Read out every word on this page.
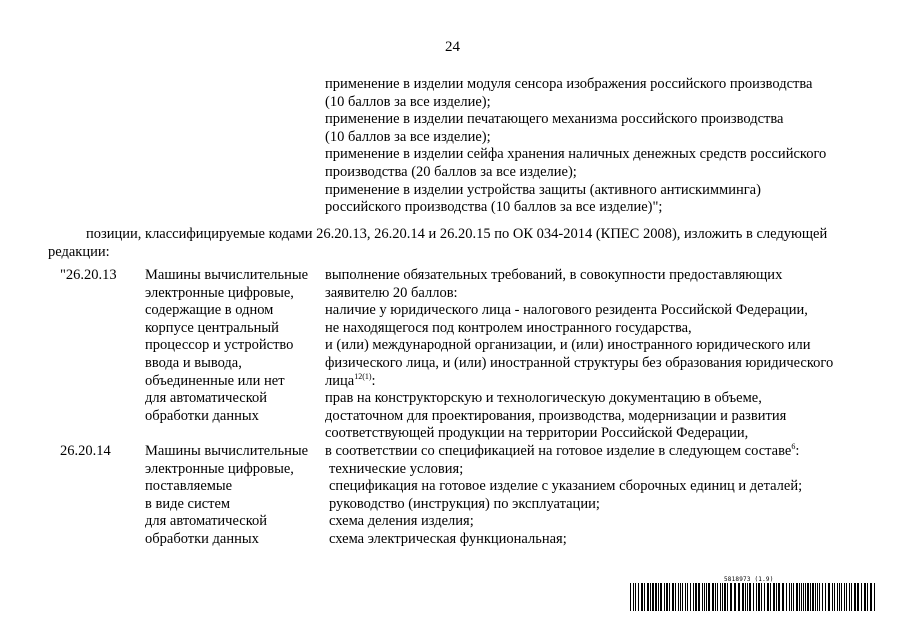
24
применение в изделии модуля сенсора изображения российского производства
(10 баллов за все изделие);
применение в изделии печатающего механизма российского производства
(10 баллов за все изделие);
применение в изделии сейфа хранения наличных денежных средств российского
производства (20 баллов за все изделие);
применение в изделии устройства защиты (активного антискимминга)
российского производства (10 баллов за все изделие)";
позиции, классифицируемые кодами 26.20.13, 26.20.14 и 26.20.15 по ОК 034-2014 (КПЕС 2008), изложить в следующей
редакции:
"26.20.13 Машины вычислительные
электронные цифровые,
содержащие в одном
корпусе центральный
процессор и устройство
ввода и вывода,
объединенные или нет
для автоматической
обработки данных
выполнение обязательных требований, в совокупности предоставляющих
заявителю 20 баллов:
наличие у юридического лица - налогового резидента Российской Федерации,
не находящегося под контролем иностранного государства,
и (или) международной организации, и (или) иностранного юридического или
физического лица, и (или) иностранной структуры без образования юридического
лица$^{12(1)}$:
прав на конструкторскую и технологическую документацию в объеме,
достаточном для проектирования, производства, модернизации и развития
соответствующей продукции на территории Российской Федерации,
26.20.14 Машины вычислительные
электронные цифровые,
поставляемые
в виде систем
для автоматической
обработки данных
в соответствии со спецификацией на готовое изделие в следующем составе$^6$:
технические условия;
спецификация на готовое изделие с указанием сборочных единиц и деталей;
руководство (инструкция) по эксплуатации;
схема деления изделия;
схема электрическая функциональная;
5818973 (1.9)
